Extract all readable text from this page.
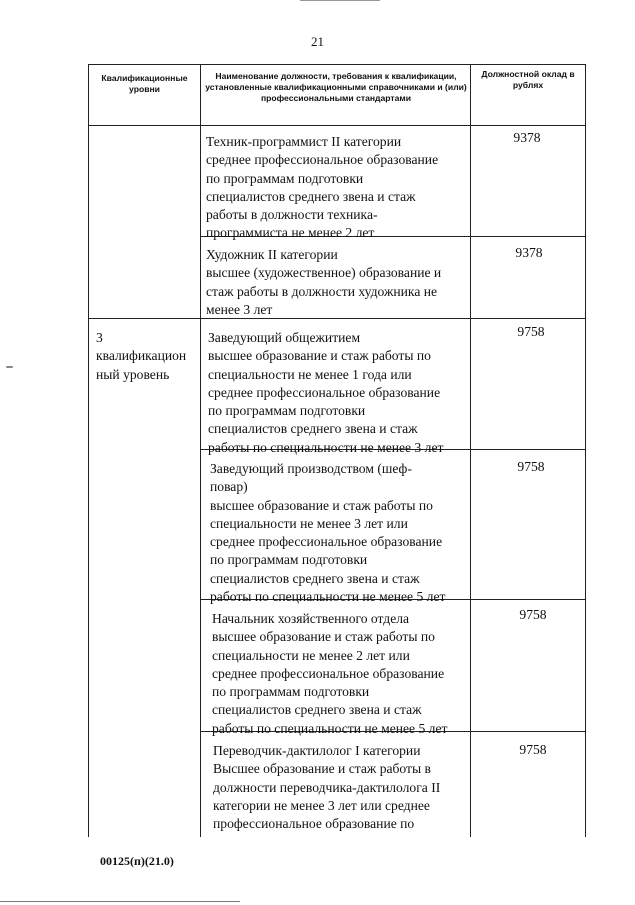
21
Квалификационные уровни
Наименование должности, требования к квалификации, установленные квалификационными справочниками и (или) профессиональными стандартами
Должностной оклад в рублях
3
квалификацион
ный уровень
Техник-программист II категории
среднее профессиональное образование
по программам подготовки
специалистов среднего звена и стаж
работы в должности техника-
программиста не менее 2 лет
9378
Художник II категории
высшее (художественное) образование и
стаж работы в должности художника не
менее 3 лет
9378
Заведующий общежитием
высшее образование и стаж работы по
специальности не менее 1 года или
среднее профессиональное образование
по программам подготовки
специалистов среднего звена и стаж
работы по специальности не менее 3 лет
9758
Заведующий производством (шеф-
повар)
высшее образование и стаж работы по
специальности не менее 3 лет или
среднее профессиональное образование
по программам подготовки
специалистов среднего звена и стаж
работы по специальности не менее 5 лет
9758
Начальник хозяйственного отдела
высшее образование и стаж работы по
специальности не менее 2 лет или
среднее профессиональное образование
по программам подготовки
специалистов среднего звена и стаж
работы по специальности не менее 5 лет
9758
Переводчик-дактилолог I категории
Высшее образование и стаж работы в
должности переводчика-дактилолога II
категории не менее 3 лет или среднее
профессиональное образование по
9758
00125(п)(21.0)
